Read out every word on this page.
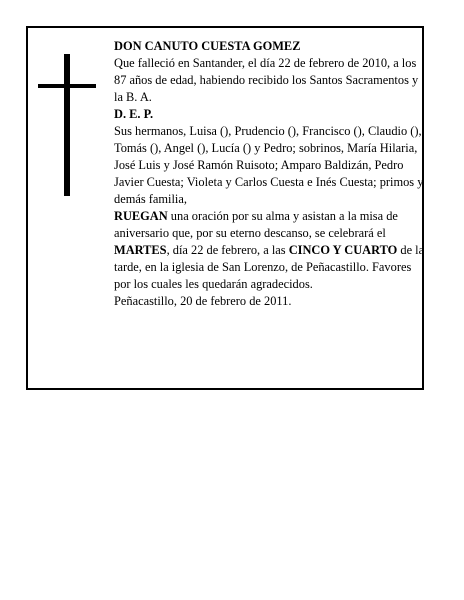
DON CANUTO CUESTA GOMEZ

Que falleció en Santander, el día 22 de febrero de 2010, a los 87 años de edad, habiendo recibido los Santos Sacramentos y la B. A.

D. E. P.

Sus hermanos, Luisa (), Prudencio (), Francisco (), Claudio (), Tomás (), Angel (), Lucía () y Pedro; sobrinos, María Hilaria, José Luis y José Ramón Ruisoto; Amparo Baldizán, Pedro Javier Cuesta; Violeta y Carlos Cuesta e Inés Cuesta; primos y demás familia,

RUEGAN una oración por su alma y asistan a la misa de aniversario que, por su eterno descanso, se celebrará el MARTES, día 22 de febrero, a las CINCO Y CUARTO de la tarde, en la iglesia de San Lorenzo, de Peñacastillo. Favores por los cuales les quedarán agradecidos.

Peñacastillo, 20 de febrero de 2011.
